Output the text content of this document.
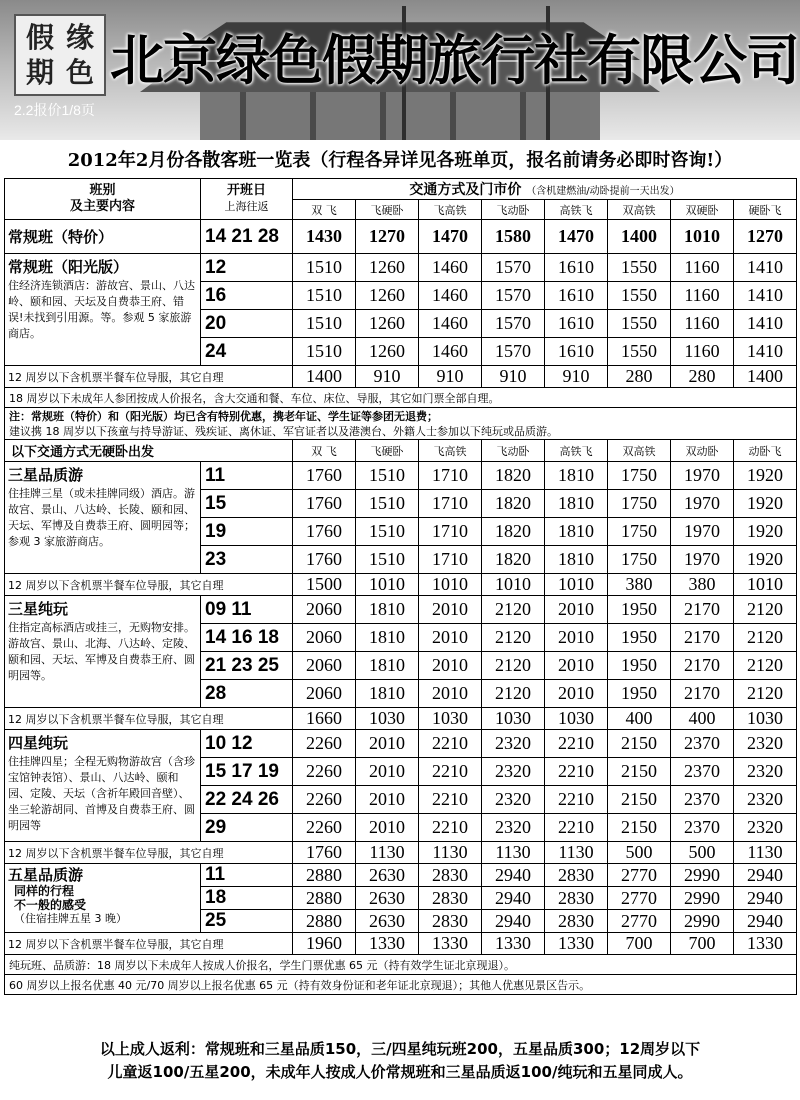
假 缘
期 色 北京绿色假期旅行社有限公司
2.2报价1/8页
2012年2月份各散客班一览表（行程各异详见各班单页，报名前请务必即时咨询!）
班别
及主要内容	开班日
上海往返	交通方式及门市价 （含机建燃油/动卧提前一天出发）							
		双 飞	飞硬卧	飞高铁	飞动卧	高铁飞	双高铁	双硬卧	硬卧飞

常规班（特价）	14 21 28	1430	1270	1470	1580	1470	1400	1010	1270

常规班（阳光版）
住经济连锁酒店：游故宫、景山、八达岭、颐和园、天坛及自费恭王府、错误!未找到引用源。等。参观 5 家旅游商店。	12	1510	1260	1460	1570	1610	1550	1160	1410
	16	1510	1260	1460	1570	1610	1550	1160	1410
	20	1510	1260	1460	1570	1610	1550	1160	1410
	24	1510	1260	1460	1570	1610	1550	1160	1410
12 周岁以下含机票半餐车位导服，其它自理		1400	910	910	910	910	280	280	1400
18 周岁以下未成年人参团按成人价报名，含大交通和餐、车位、床位、导服，其它如门票全部自理。									

注：常规班（特价）和（阳光版）均已含有特别优惠，携老年证、学生证等参团无退费；
建议携 18 周岁以下孩童与持导游证、残疾证、离休证、军官证者以及港澳台、外籍人士参加以下纯玩或品质游。									

以下交通方式无硬卧出发		双 飞	飞硬卧	飞高铁	飞动卧	高铁飞	双高铁	双动卧	动卧飞

三星品质游
住挂牌三星（或未挂牌同级）酒店。游故宫、景山、八达岭、长陵、颐和园、天坛、军博及自费恭王府、圆明园等；参观 3 家旅游商店。	11	1760	1510	1710	1820	1810	1750	1970	1920
	15	1760	1510	1710	1820	1810	1750	1970	1920
	19	1760	1510	1710	1820	1810	1750	1970	1920
	23	1760	1510	1710	1820	1810	1750	1970	1920
12 周岁以下含机票半餐车位导服，其它自理		1500	1010	1010	1010	1010	380	380	1010

三星纯玩
住指定高标酒店或挂三，无购物安排。游故宫、景山、北海、八达岭、定陵、颐和园、天坛、军博及自费恭王府、圆明园等。	09 11	2060	1810	2010	2120	2010	1950	2170	2120
	14 16 18	2060	1810	2010	2120	2010	1950	2170	2120
	21 23 25	2060	1810	2010	2120	2010	1950	2170	2120
	28	2060	1810	2010	2120	2010	1950	2170	2120
12 周岁以下含机票半餐车位导服，其它自理		1660	1030	1030	1030	1030	400	400	1030

四星纯玩
住挂牌四星；全程无购物游故宫（含珍宝馆钟表馆）、景山、八达岭、颐和园、定陵、天坛（含祈年殿回音壁）、坐三轮游胡同、首博及自费恭王府、圆明园等	10 12	2260	2010	2210	2320	2210	2150	2370	2320
	15 17 19	2260	2010	2210	2320	2210	2150	2370	2320
	22 24 26	2260	2010	2210	2320	2210	2150	2370	2320
	29	2260	2010	2210	2320	2210	2150	2370	2320
12 周岁以下含机票半餐车位导服，其它自理		1760	1130	1130	1130	1130	500	500	1130

五星品质游
同样的行程
不一般的感受
（住宿挂牌五星 3 晚）	11	2880	2630	2830	2940	2830	2770	2990	2940
	18	2880	2630	2830	2940	2830	2770	2990	2940
	25	2880	2630	2830	2940	2830	2770	2990	2940
12 周岁以下含机票半餐车位导服，其它自理		1960	1330	1330	1330	1330	700	700	1330
纯玩班、品质游：18 周岁以下未成年人按成人价报名，学生门票优惠 65 元（持有效学生证北京现退）。									
60 周岁以上报名优惠 40 元/70 周岁以上报名优惠 65 元（持有效身份证和老年证北京现退）；其他人优惠见景区告示。									
以上成人返利：常规班和三星品质150，三/四星纯玩班200，五星品质300；12周岁以下
儿童返100/五星200，未成年人按成人价常规班和三星品质返100/纯玩和五星同成人。
